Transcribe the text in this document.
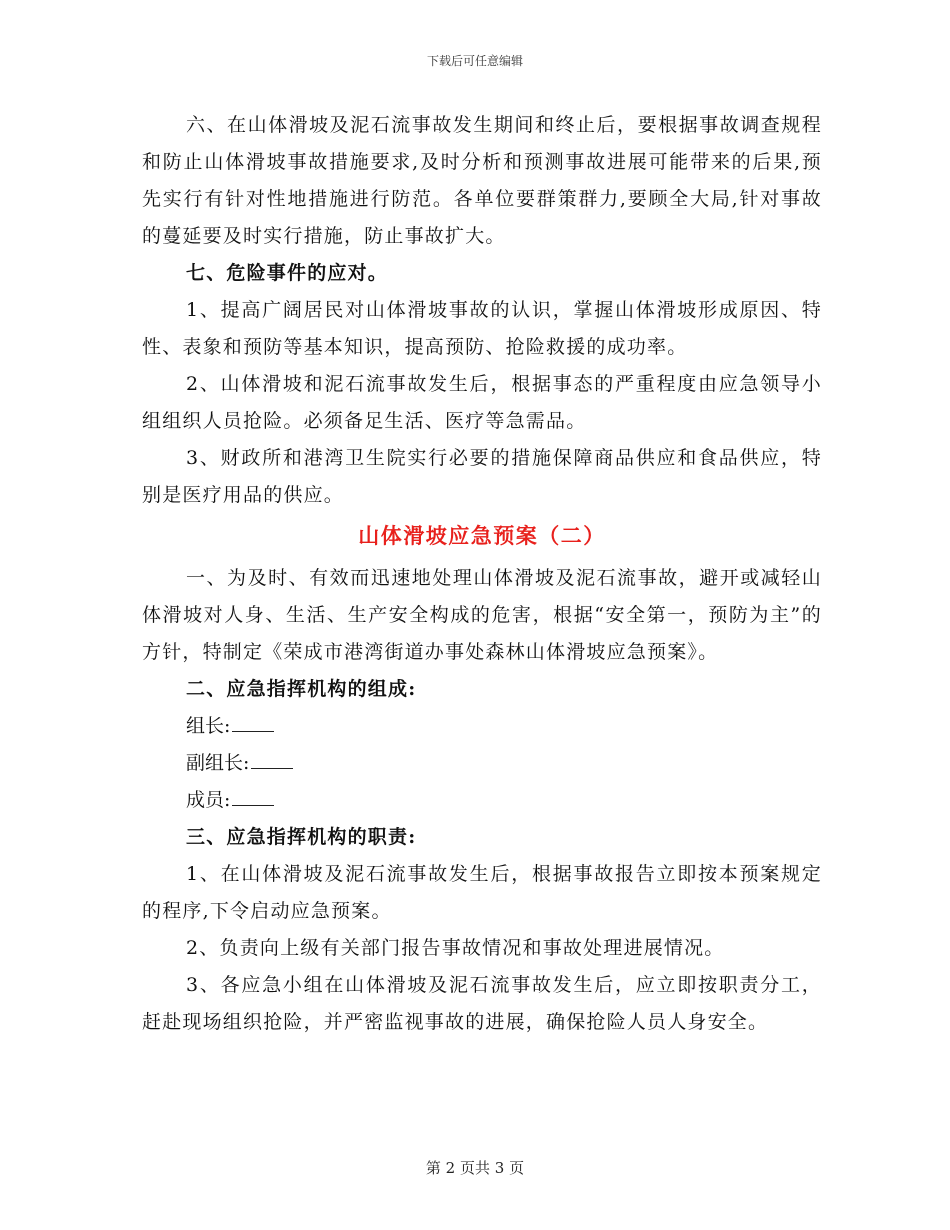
下载后可任意编辑

六、在山体滑坡及泥石流事故发生期间和终止后，要根据事故调查规程和防止山体滑坡事故措施要求,及时分析和预测事故进展可能带来的后果,预先实行有针对性地措施进行防范。各单位要群策群力,要顾全大局,针对事故的蔓延要及时实行措施，防止事故扩大。

七、危险事件的应对。

1、提高广阔居民对山体滑坡事故的认识，掌握山体滑坡形成原因、特性、表象和预防等基本知识，提高预防、抢险救援的成功率。

2、山体滑坡和泥石流事故发生后，根据事态的严重程度由应急领导小组组织人员抢险。必须备足生活、医疗等急需品。

3、财政所和港湾卫生院实行必要的措施保障商品供应和食品供应，特别是医疗用品的供应。

山体滑坡应急预案（二）

一、为及时、有效而迅速地处理山体滑坡及泥石流事故，避开或减轻山体滑坡对人身、生活、生产安全构成的危害，根据“安全第一，预防为主”的方针，特制定《荣成市港湾街道办事处森林山体滑坡应急预案》。

二、应急指挥机构的组成:

组长:
副组长:
成员:

三、应急指挥机构的职责:

1、在山体滑坡及泥石流事故发生后，根据事故报告立即按本预案规定的程序,下令启动应急预案。

2、负责向上级有关部门报告事故情况和事故处理进展情况。

3、各应急小组在山体滑坡及泥石流事故发生后，应立即按职责分工，赶赴现场组织抢险，并严密监视事故的进展，确保抢险人员人身安全。

第 2 页共 3 页
